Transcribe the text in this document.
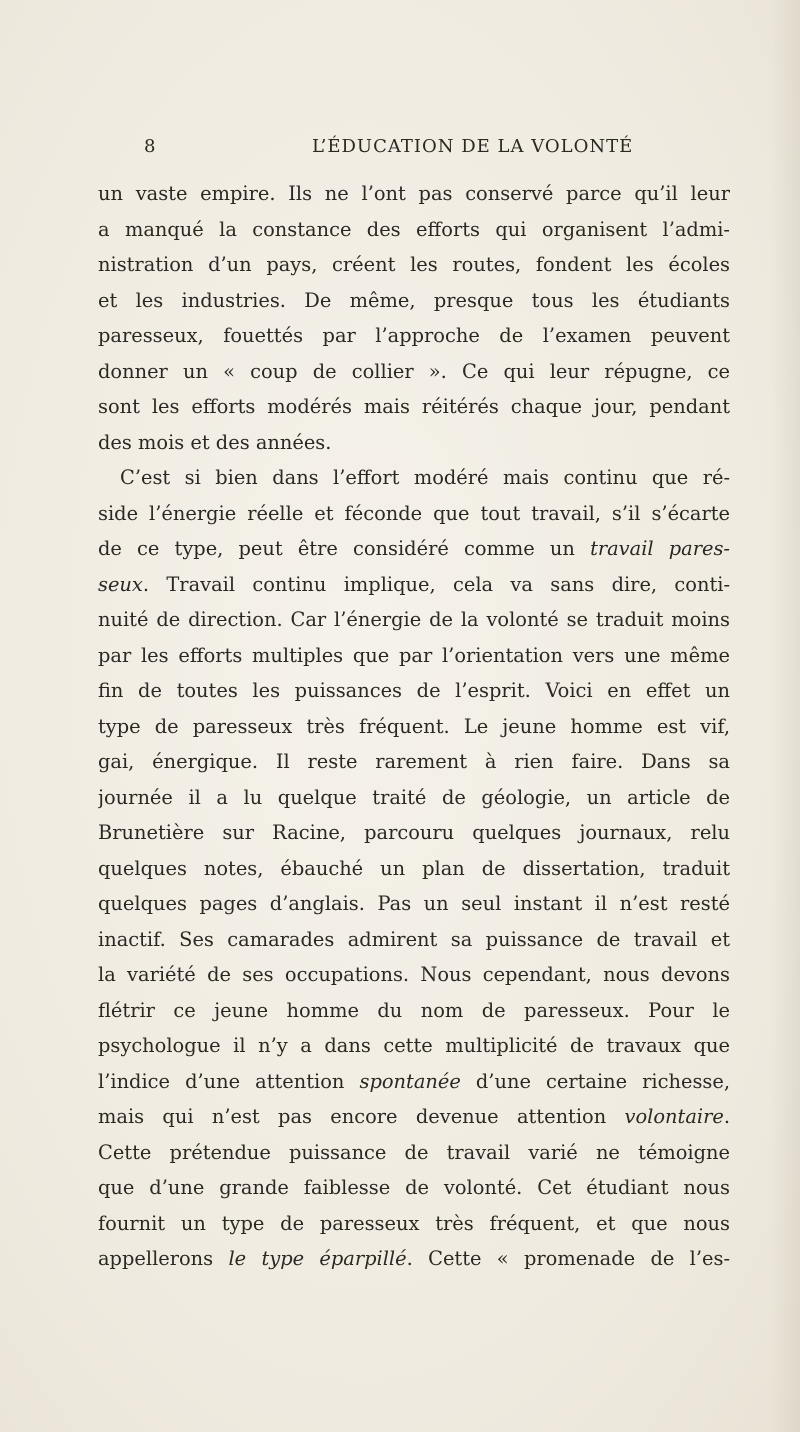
8	L’ÉDUCATION DE LA VOLONTÉ
un vaste empire. Ils ne l’ont pas conservé parce qu’il leur
a manqué la constance des efforts qui organisent l’admi-
nistration d’un pays, créent les routes, fondent les écoles
et les industries. De même, presque tous les étudiants
paresseux, fouettés par l’approche de l’examen peuvent
donner un « coup de collier ». Ce qui leur répugne, ce
sont les efforts modérés mais réitérés chaque jour, pendant
des mois et des années.
C’est si bien dans l’effort modéré mais continu que ré-
side l’énergie réelle et féconde que tout travail, s’il s’écarte
de ce type, peut être considéré comme un travail pares-
seux. Travail continu implique, cela va sans dire, conti-
nuité de direction. Car l’énergie de la volonté se traduit moins
par les efforts multiples que par l’orientation vers une même
fin de toutes les puissances de l’esprit. Voici en effet un
type de paresseux très fréquent. Le jeune homme est vif,
gai, énergique. Il reste rarement à rien faire. Dans sa
journée il a lu quelque traité de géologie, un article de
Brunetière sur Racine, parcouru quelques journaux, relu
quelques notes, ébauché un plan de dissertation, traduit
quelques pages d’anglais. Pas un seul instant il n’est resté
inactif. Ses camarades admirent sa puissance de travail et
la variété de ses occupations. Nous cependant, nous devons
flétrir ce jeune homme du nom de paresseux. Pour le
psychologue il n’y a dans cette multiplicité de travaux que
l’indice d’une attention spontanée d’une certaine richesse,
mais qui n’est pas encore devenue attention volontaire.
Cette prétendue puissance de travail varié ne témoigne
que d’une grande faiblesse de volonté. Cet étudiant nous
fournit un type de paresseux très fréquent, et que nous
appellerons le type éparpillé. Cette « promenade de l’es-
